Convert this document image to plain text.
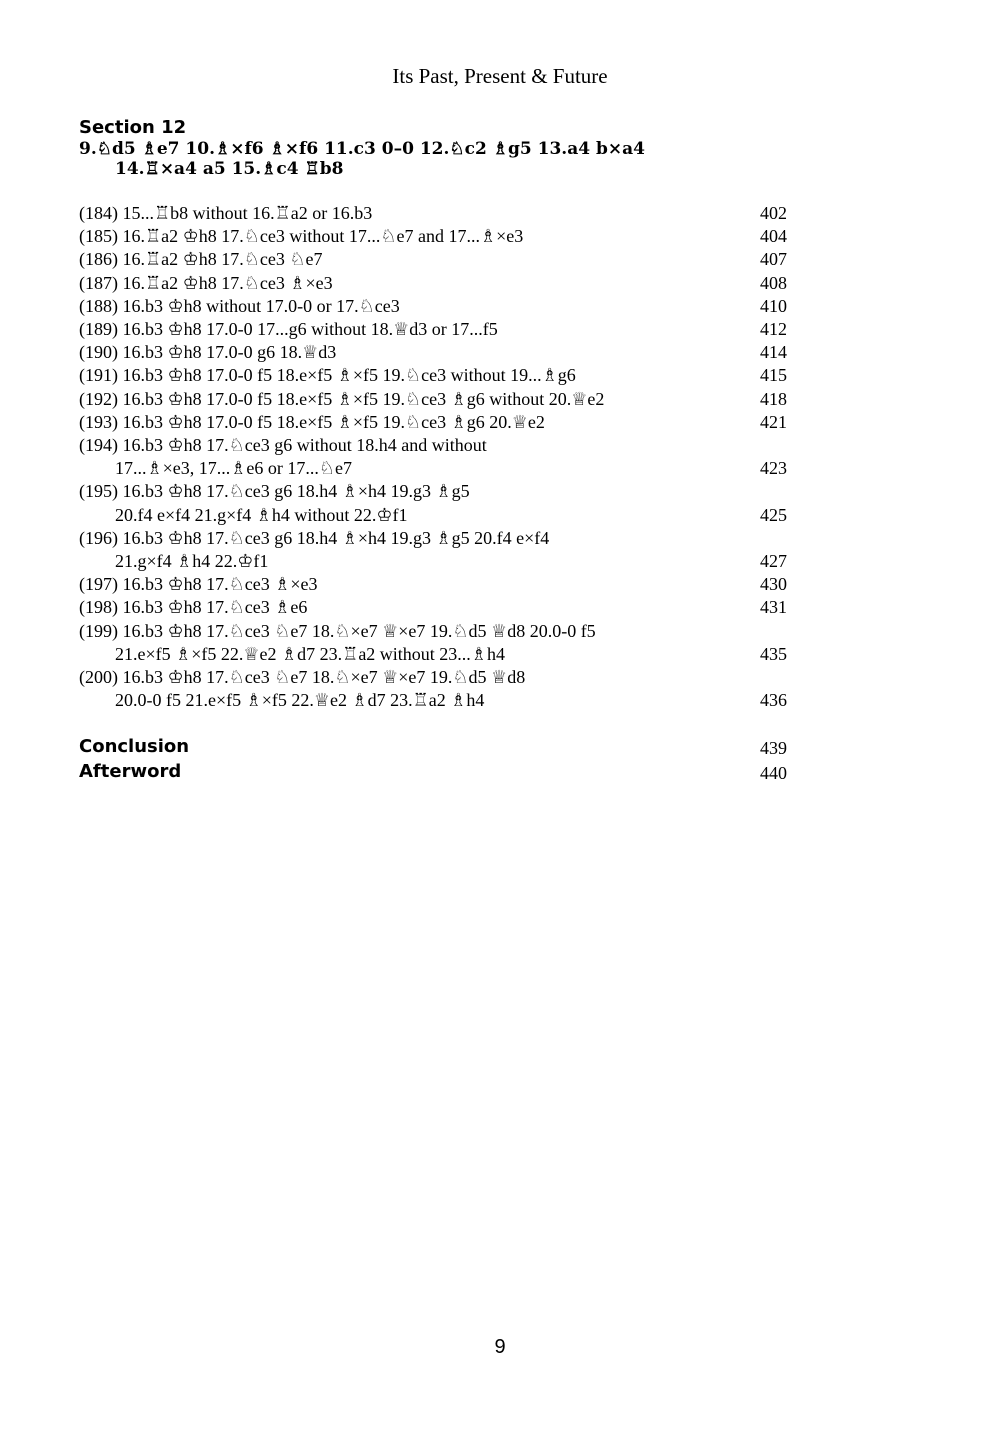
Its Past, Present & Future
Section 12
9.♘d5 ♗e7 10.♗×f6 ♗×f6 11.c3 0–0 12.♘c2 ♗g5 13.a4 b×a4
14.♖×a4 a5 15.♗c4 ♖b8
(184) 15...♖b8 without 16.♖a2 or 16.b3	402
(185) 16.♖a2 ♔h8 17.♘ce3 without 17...♘e7 and 17...♗×e3	404
(186) 16.♖a2 ♔h8 17.♘ce3 ♘e7	407
(187) 16.♖a2 ♔h8 17.♘ce3 ♗×e3	408
(188) 16.b3 ♔h8 without 17.0-0 or 17.♘ce3	410
(189) 16.b3 ♔h8 17.0-0 17...g6 without 18.♕d3 or 17...f5	412
(190) 16.b3 ♔h8 17.0-0 g6 18.♕d3	414
(191) 16.b3 ♔h8 17.0-0 f5 18.e×f5 ♗×f5 19.♘ce3 without 19...♗g6	415
(192) 16.b3 ♔h8 17.0-0 f5 18.e×f5 ♗×f5 19.♘ce3 ♗g6 without 20.♕e2	418
(193) 16.b3 ♔h8 17.0-0 f5 18.e×f5 ♗×f5 19.♘ce3 ♗g6 20.♕e2	421
(194) 16.b3 ♔h8 17.♘ce3 g6 without 18.h4 and without
17...♗×e3, 17...♗e6 or 17...♘e7	423
(195) 16.b3 ♔h8 17.♘ce3 g6 18.h4 ♗×h4 19.g3 ♗g5
20.f4 e×f4 21.g×f4 ♗h4 without 22.♔f1	425
(196) 16.b3 ♔h8 17.♘ce3 g6 18.h4 ♗×h4 19.g3 ♗g5 20.f4 e×f4
21.g×f4 ♗h4 22.♔f1	427
(197) 16.b3 ♔h8 17.♘ce3 ♗×e3	430
(198) 16.b3 ♔h8 17.♘ce3 ♗e6	431
(199) 16.b3 ♔h8 17.♘ce3 ♘e7 18.♘×e7 ♕×e7 19.♘d5 ♕d8 20.0-0 f5
21.e×f5 ♗×f5 22.♕e2 ♗d7 23.♖a2 without 23...♗h4	435
(200) 16.b3 ♔h8 17.♘ce3 ♘e7 18.♘×e7 ♕×e7 19.♘d5 ♕d8
20.0-0 f5 21.e×f5 ♗×f5 22.♕e2 ♗d7 23.♖a2 ♗h4	436
Conclusion	439
Afterword	440
9
